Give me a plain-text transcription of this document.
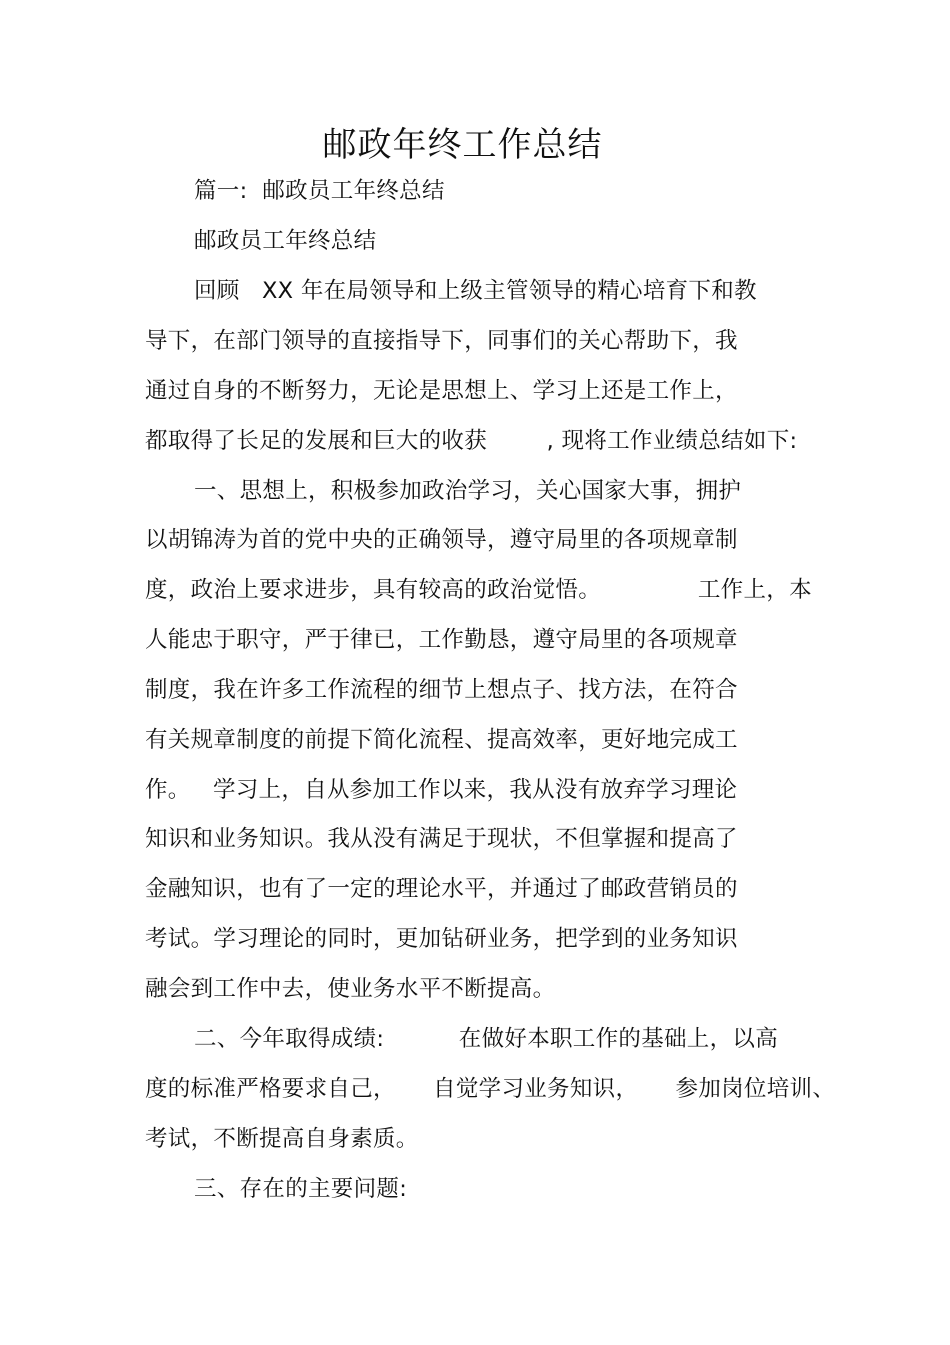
邮政年终工作总结
篇一:  邮政员工年终总结
邮政员工年终总结
回顾   XX 年在局领导和上级主管领导的精心培育下和教
导下，在部门领导的直接指导下，同事们的关心帮助下，我
通过自身的不断努力，无论是思想上、学习上还是工作上，
都取得了长足的发展和巨大的收获        , 现将工作业绩总结如下:
一、思想上，积极参加政治学习，关心国家大事，拥护
以胡锦涛为首的党中央的正确领导，遵守局里的各项规章制
度，政治上要求进步，具有较高的政治觉悟。             工作上，本
人能忠于职守，严于律已，工作勤恳，遵守局里的各项规章
制度，我在许多工作流程的细节上想点子、找方法，在符合
有关规章制度的前提下简化流程、提高效率，更好地完成工
作。   学习上，自从参加工作以来，我从没有放弃学习理论
知识和业务知识。我从没有满足于现状，不但掌握和提高了
金融知识，也有了一定的理论水平，并通过了邮政营销员的
考试。学习理论的同时，更加钻研业务，把学到的业务知识
融会到工作中去，使业务水平不断提高。
二、今年取得成绩:          在做好本职工作的基础上，以高
度的标准严格要求自己，     自觉学习业务知识，     参加岗位培训、
考试，不断提高自身素质。
三、存在的主要问题:
